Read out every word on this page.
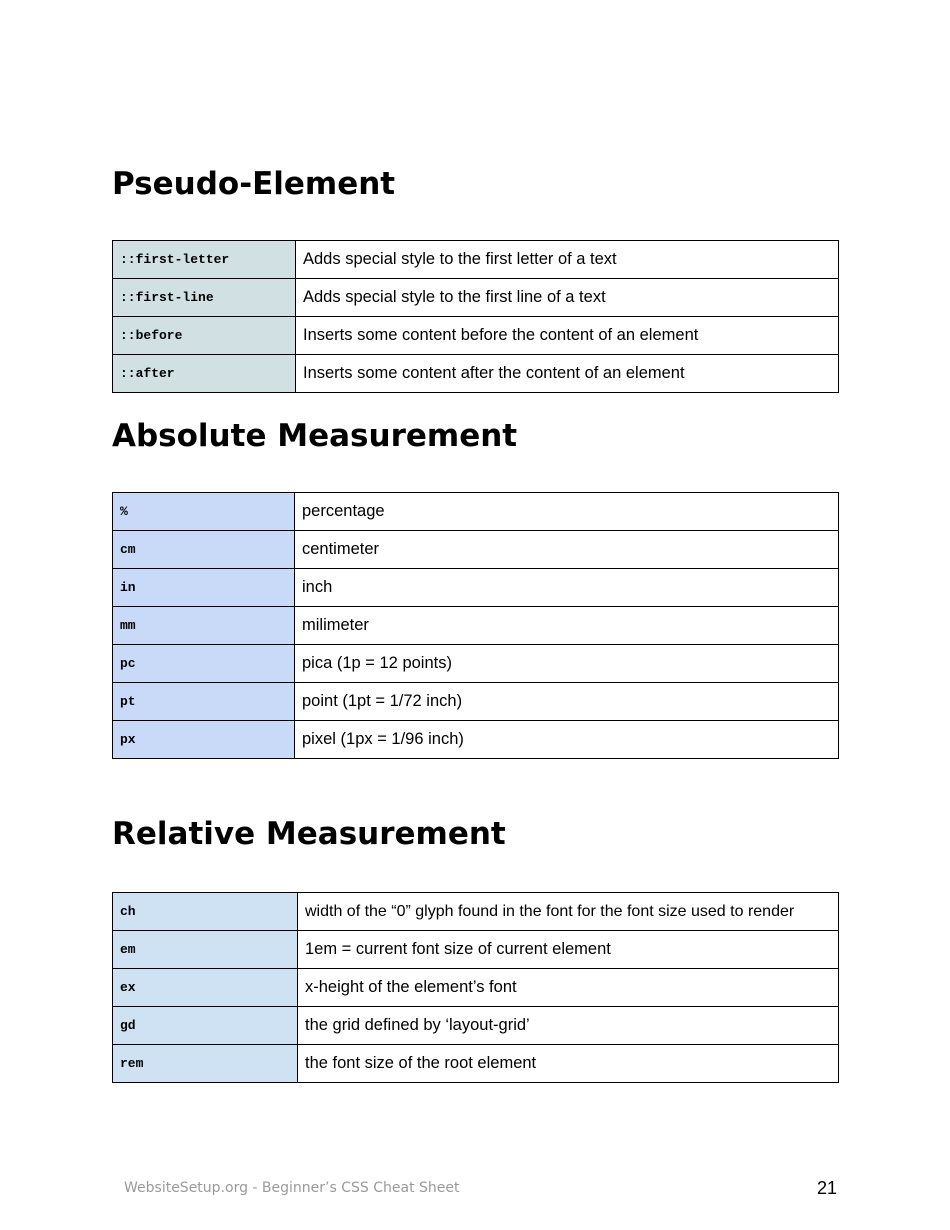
Pseudo-Element
::first-letter	Adds special style to the first letter of a text
::first-line	Adds special style to the first line of a text
::before	Inserts some content before the content of an element
::after	Inserts some content after the content of an element
Absolute Measurement
%	percentage
cm	centimeter
in	inch
mm	milimeter
pc	pica (1p = 12 points)
pt	point (1pt = 1/72 inch)
px	pixel (1px = 1/96 inch)
Relative Measurement
ch	width of the “0” glyph found in the font for the font size used to render
em	1em = current font size of current element
ex	x-height of the element’s font
gd	the grid defined by ‘layout-grid’
rem	the font size of the root element
WebsiteSetup.org - Beginner’s CSS Cheat Sheet	21
